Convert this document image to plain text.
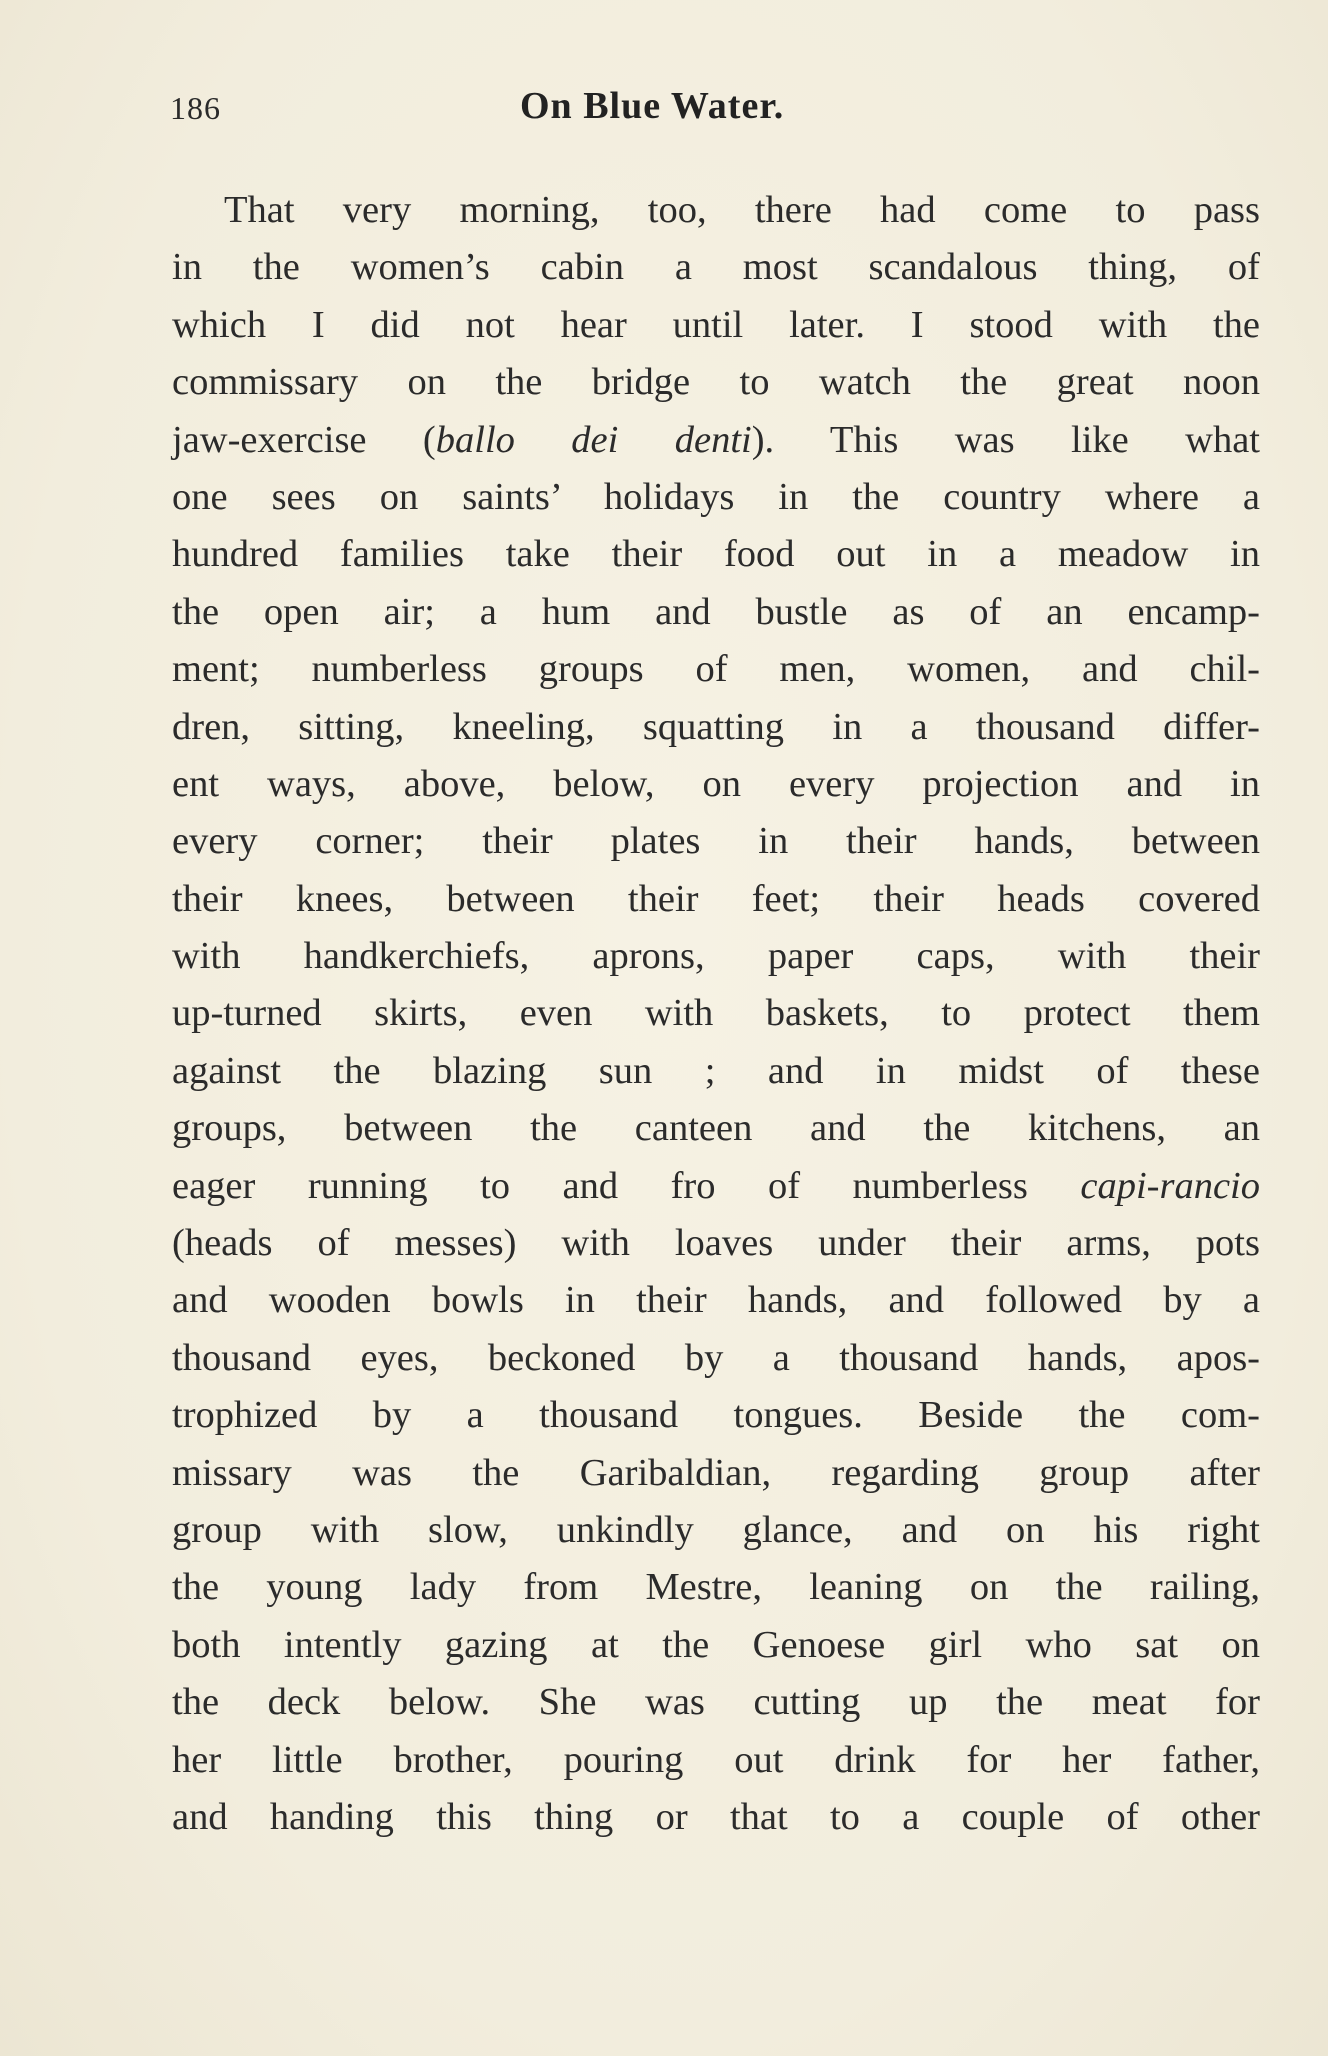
186	On Blue Water.
That very morning, too, there had come to pass
in the women’s cabin a most scandalous thing, of
which I did not hear until later. I stood with the
commissary on the bridge to watch the great noon
jaw-exercise (ballo dei denti). This was like what
one sees on saints’ holidays in the country where a
hundred families take their food out in a meadow in
the open air; a hum and bustle as of an encamp-
ment; numberless groups of men, women, and chil-
dren, sitting, kneeling, squatting in a thousand differ-
ent ways, above, below, on every projection and in
every corner; their plates in their hands, between
their knees, between their feet; their heads covered
with handkerchiefs, aprons, paper caps, with their
up-turned skirts, even with baskets, to protect them
against the blazing sun ; and in midst of these
groups, between the canteen and the kitchens, an
eager running to and fro of numberless capi-rancio
(heads of messes) with loaves under their arms, pots
and wooden bowls in their hands, and followed by a
thousand eyes, beckoned by a thousand hands, apos-
trophized by a thousand tongues. Beside the com-
missary was the Garibaldian, regarding group after
group with slow, unkindly glance, and on his right
the young lady from Mestre, leaning on the railing,
both intently gazing at the Genoese girl who sat on
the deck below. She was cutting up the meat for
her little brother, pouring out drink for her father,
and handing this thing or that to a couple of other
